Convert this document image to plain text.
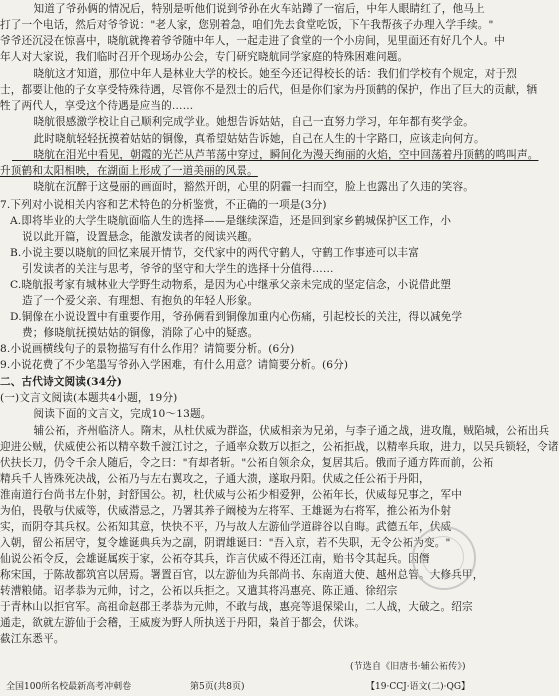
　　知道了爷孙俩的情况后，特别是听他们说到爷孙在火车站蹲了一宿后，中年人眼睛红了，他马上
打了一个电话，然后对爷爷说："老人家，您别着急，咱们先去食堂吃饭，下午我帮孩子办理入学手续。"
爷爷还沉浸在惊喜中，晓航就搀着爷爷随中年人，一起走进了食堂的一个小房间，见里面还有好几个人。中
年人对大家说，我们临时召开个现场办公会，专门研究晓航同学家庭的特殊困难问题。
　　晓航这才知道，那位中年人是林业大学的校长。她至今还记得校长的话：我们们学校有个规定，对于烈
士，都要让他的子女享受特殊待遇，尽管你不是烈士的后代，但是你们家为丹顶鹤的保护，作出了巨大的贡献，牺
牲了两代人，享受这个待遇是应当的……
　　晓航很感激学校让自己顺利完成学业。她想告诉姑姑，自己一直努力学习，年年都有奖学金。
　　此时晓航轻轻抚摸着姑姑的铜像，真希望姑姑告诉她，自己在人生的十字路口，应该走向何方。
　　晓航在泪光中看见，朝霞的光芒从芦苇荡中穿过，瞬间化为漫天绚丽的火焰，空中回荡着丹顶鹤的鸣叫声。
升顶鹤和太阳相映，在湖面上形成了一道美丽的风景。
　　晓航在沉醉于这曼丽的画面时，豁然开朗，心里的阴霾一扫而空，脸上也露出了久违的笑容。
7.下列对小说相关内容和艺术特色的分析鉴赏，不正确的一项是(3分)
A.即将毕业的大学生晓航面临人生的选择——是继续深造，还是回到家乡鹤城保护区工作，小
说以此开篇，设置悬念，能激发读者的阅读兴趣。
B.小说主要以晓航的回忆来展开情节，交代家中的两代守鹤人，守鹤工作事迹可以丰富
引发读者的关注与思考，爷爷的坚守和大学生的选择十分值得……
C.晓航报考家有城林业大学野生动物系，是因为心中继承父亲未完成的坚定信念，小说借此塑
造了一个爱父亲、有理想、有抱负的年轻人形象。
D.铜像在小说设置中有重要作用，爷孙俩看到铜像加重内心伤痛，引起校长的关注，得以减免学
费；修晓航抚摸姑姑的铜像，消除了心中的疑惑。
8.小说画横线句子的景物描写有什么作用？请简要分析。(6分)
9.小说花费了不少笔墨写爷孙入学困难，有什么用意？请简要分析。(6分)
二、古代诗文阅读(34分)
(一)文言文阅读(本题共4小题，19分)
　　阅读下面的文言文，完成10～13题。
　　辅公祏，齐州临济人。隋末，从杜伏威为群盗，伏威相亲为兄弟，与李子通之战，进攻胤，贼陷城，公祏出兵
迎进公贼，伏威使公祏以精卒数千渡江讨之，子通率众数万以拒之，公祏拒战，以精率兵取，进力，以吴兵锁轻，令诸
伏扶长刀，仍令千余人随后，令之曰："有却者斩。"公祏自领余众，复居其后。俄而子通方阵而前，公祏
精兵千人皆殊死决战，公祏乃与左右翼攻之，子通大溃，遂取丹阳。伏威之任公祏于丹阳，
淮南道行台尚书左仆射，封舒国公。初，杜伏威与公祏少相爱狎，公祏年长，伏威每兄事之，军中
为伯，畏敬与伏威等，伏威潜忌之，乃署其养子阚棱为左将军、王雄诞为右将军，推公祏为仆射
实，而阴夺其兵权。公祏知其意，快快不平，乃与故人左游仙学道辟谷以自晦。武德五年，伏威
入朝，留公祏居守，复令雄诞典兵为之副，阴谓雄诞曰："吾入京，若不失职，无令公祏为变。"
仙说公祏令反，会雄诞属疾于家，公祏夺其兵，诈言伏威不得还江南，贻书令其起兵。因僭
称宋国，于陈故都筑宫以居焉。署置百官，以左游仙为兵部尚书、东南道大使、越州总管。大修兵甲，
转漕粮储。诏孝恭为元帅，讨之，公祏以兵拒之。又遣其将冯惠亮、陈正通、徐绍宗
于青林山以拒官军。高祖命赵郡王孝恭为元帅，不敢与战，惠亮等退保梁山，二人战，大破之。绍宗
通走，欲就左游仙于会稽，王威废为野人所执送于丹阳，枭首于都会，伏诛。
截江东悉平。
(节选自《旧唐书·辅公祏传》)
全国100所名校最新高考冲刺卷	第5页(共8页)	【19·CCJ·语文(二)·QG】
